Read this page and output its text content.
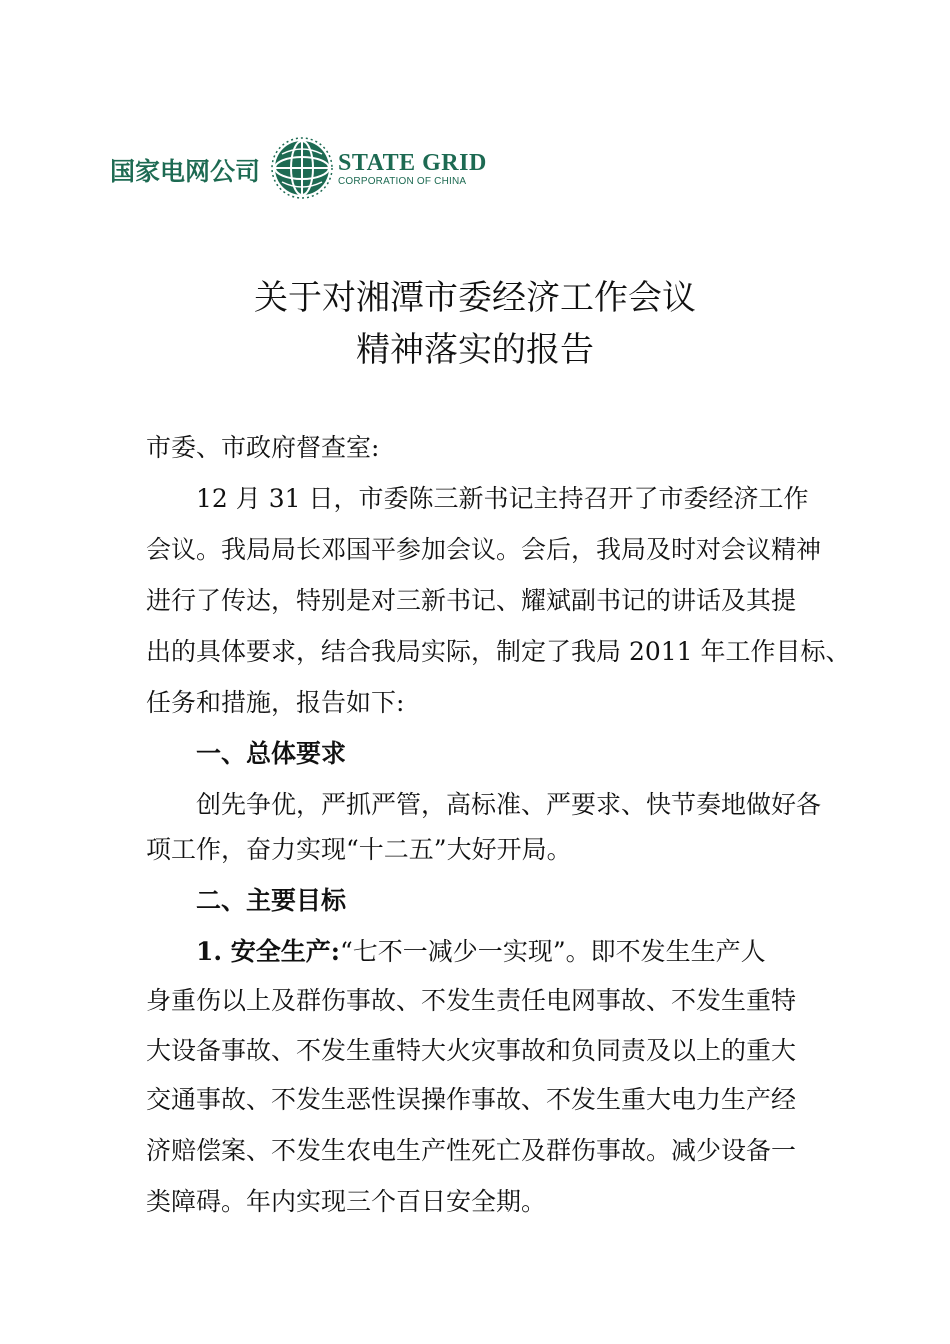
国家电网公司	STATE GRID
CORPORATION OF CHINA
关于对湘潭市委经济工作会议
精神落实的报告
市委、市政府督查室:
12 月 31 日，市委陈三新书记主持召开了市委经济工作
会议。我局局长邓国平参加会议。会后，我局及时对会议精神
进行了传达，特别是对三新书记、耀斌副书记的讲话及其提
出的具体要求，结合我局实际，制定了我局 2011 年工作目标、
任务和措施，报告如下:
一、总体要求
创先争优，严抓严管，高标准、严要求、快节奏地做好各
项工作，奋力实现“十二五”大好开局。
二、主要目标
1. 安全生产:“七不一减少一实现”。即不发生生产人
身重伤以上及群伤事故、不发生责任电网事故、不发生重特
大设备事故、不发生重特大火灾事故和负同责及以上的重大
交通事故、不发生恶性误操作事故、不发生重大电力生产经
济赔偿案、不发生农电生产性死亡及群伤事故。减少设备一
类障碍。年内实现三个百日安全期。
